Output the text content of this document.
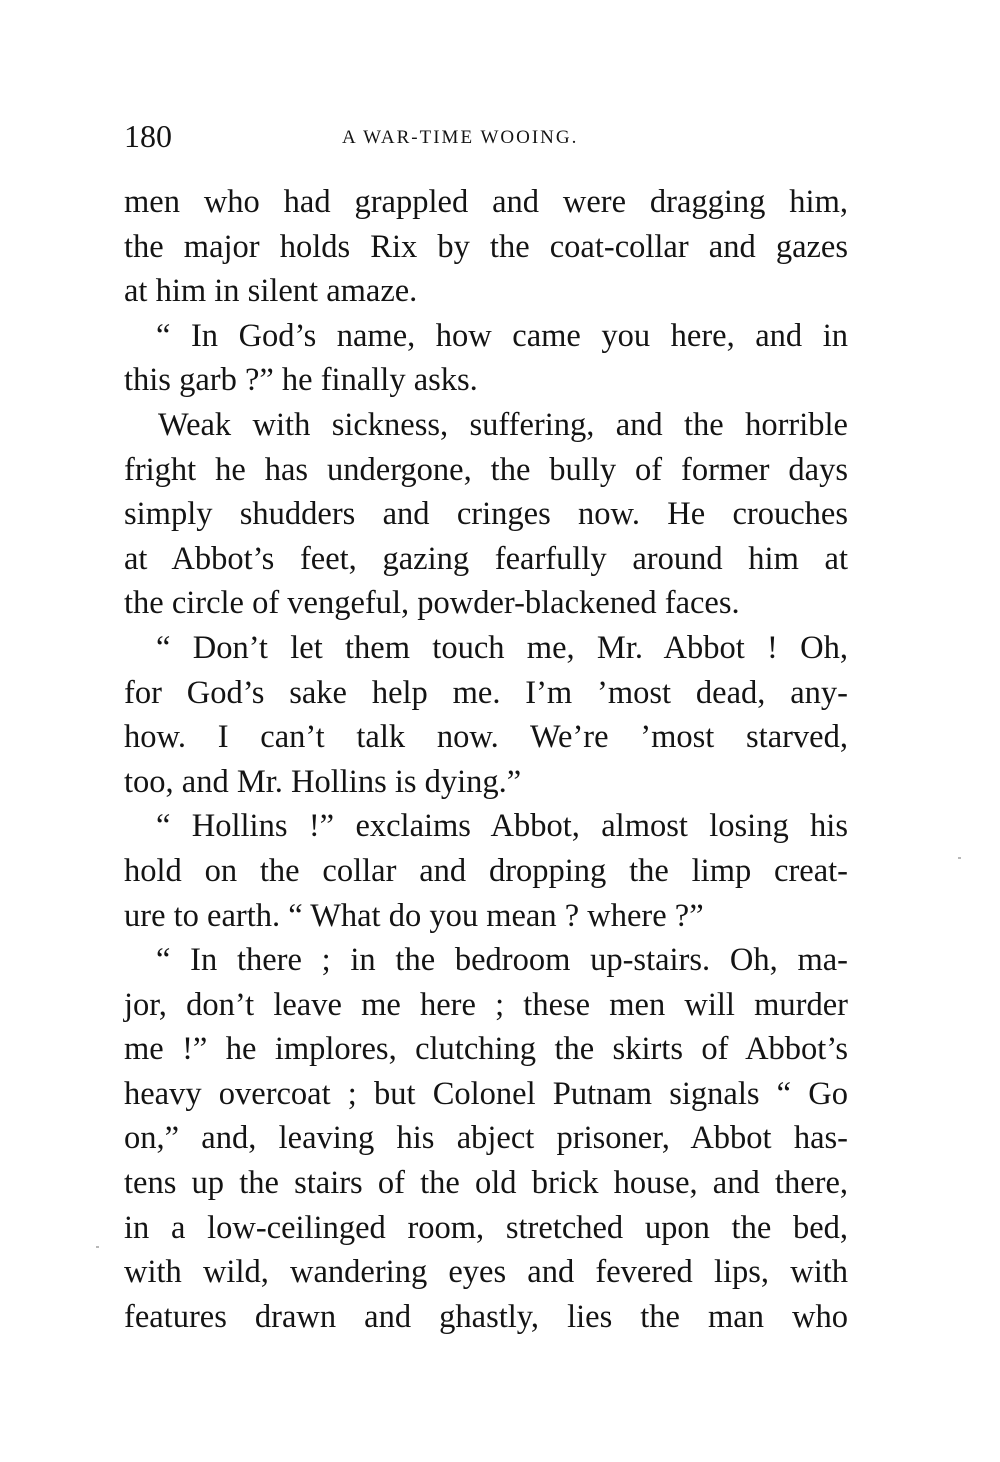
180	A WAR-TIME WOOING.
men who had grappled and were dragging him,
the major holds Rix by the coat-collar and gazes
at him in silent amaze.
“ In God’s name, how came you here, and in
this garb ?” he finally asks.
Weak with sickness, suffering, and the horrible
fright he has undergone, the bully of former days
simply shudders and cringes now. He crouches
at Abbot’s feet, gazing fearfully around him at
the circle of vengeful, powder-blackened faces.
“ Don’t let them touch me, Mr. Abbot ! Oh,
for God’s sake help me. I’m ’most dead, any-
how. I can’t talk now. We’re ’most starved,
too, and Mr. Hollins is dying.”
“ Hollins !” exclaims Abbot, almost losing his
hold on the collar and dropping the limp creat-
ure to earth. “ What do you mean ? where ?”
“ In there ; in the bedroom up-stairs. Oh, ma-
jor, don’t leave me here ; these men will murder
me !” he implores, clutching the skirts of Abbot’s
heavy overcoat ; but Colonel Putnam signals “ Go
on,” and, leaving his abject prisoner, Abbot has-
tens up the stairs of the old brick house, and there,
in a low-ceilinged room, stretched upon the bed,
with wild, wandering eyes and fevered lips, with
features drawn and ghastly, lies the man who
